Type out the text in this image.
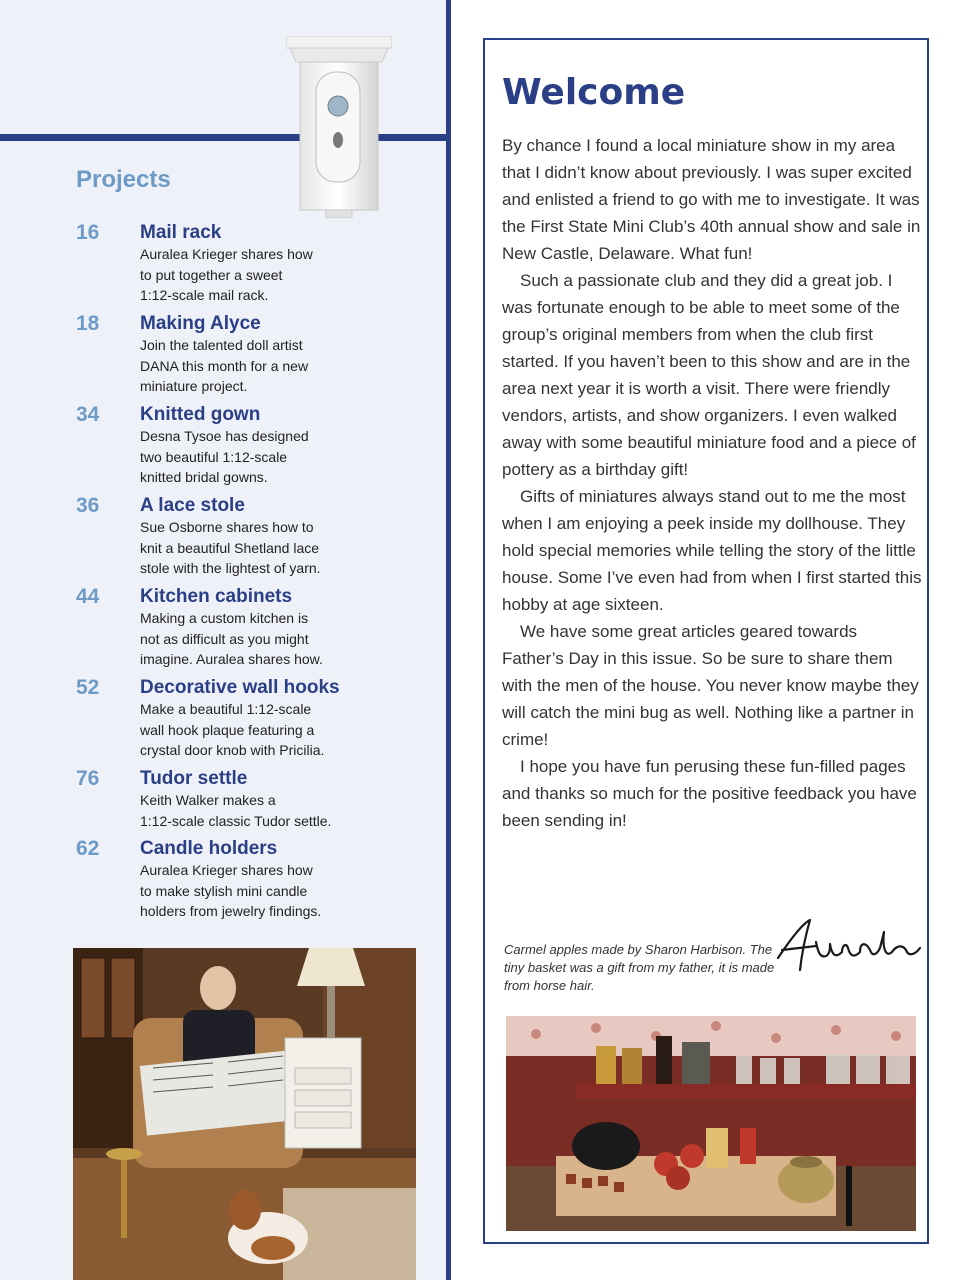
Projects
16	Mail rack
Auralea Krieger shares how
to put together a sweet
1:12-scale mail rack.
18	Making Alyce
Join the talented doll artist
DANA this month for a new
miniature project.
34	Knitted gown
Desna Tysoe has designed
two beautiful 1:12-scale
knitted bridal gowns.
36	A lace stole
Sue Osborne shares how to
knit a beautiful Shetland lace
stole with the lightest of yarn.
44	Kitchen cabinets
Making a custom kitchen is
not as difficult as you might
imagine. Auralea shares how.
52	Decorative wall hooks
Make a beautiful 1:12-scale
wall hook plaque featuring a
crystal door knob with Pricilia.
76	Tudor settle
Keith Walker makes a
1:12-scale classic Tudor settle.
62	Candle holders
Auralea Krieger shares how
to make stylish mini candle
holders from jewelry findings.
Welcome

By chance I found a local miniature show in my area that I didn’t know about previously. I was super excited and enlisted a friend to go with me to investigate. It was the First State Mini Club’s 40th annual show and sale in New Castle, Delaware. What fun!

Such a passionate club and they did a great job. I was fortunate enough to be able to meet some of the group’s original members from when the club first started. If you haven’t been to this show and are in the area next year it is worth a visit. There were friendly vendors, artists, and show organizers. I even walked away with some beautiful miniature food and a piece of pottery as a birthday gift!

Gifts of miniatures always stand out to me the most when I am enjoying a peek inside my dollhouse. They hold special memories while telling the story of the little house. Some I’ve even had from when I first started this hobby at age sixteen.

We have some great articles geared towards Father’s Day in this issue. So be sure to share them with the men of the house. You never know maybe they will catch the mini bug as well. Nothing like a partner in crime!

I hope you have fun perusing these fun-filled pages and thanks so much for the positive feedback you have been sending in!

Carmel apples made by Sharon Harbison. The tiny basket was a gift from my father, it is made from horse hair.
